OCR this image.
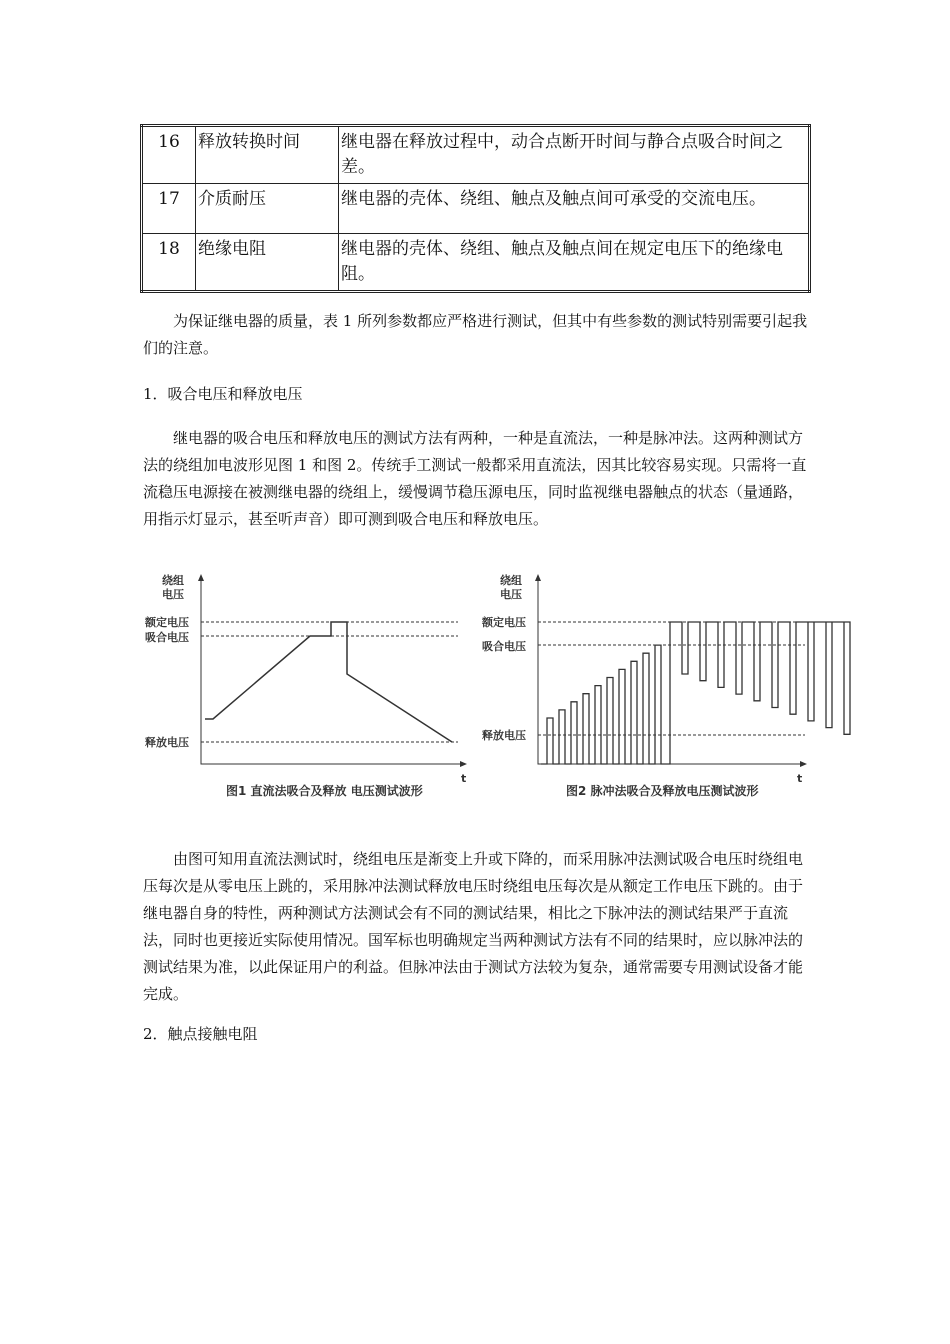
16	释放转换时间	继电器在释放过程中，动合点断开时间与静合点吸合时间之差。
17	介质耐压	继电器的壳体、绕组、触点及触点间可承受的交流电压。
18	绝缘电阻	继电器的壳体、绕组、触点及触点间在规定电压下的绝缘电阻。
为保证继电器的质量，表 1 所列参数都应严格进行测试，但其中有些参数的测试特别需要引起我们的注意。
1．吸合电压和释放电压
继电器的吸合电压和释放电压的测试方法有两种，一种是直流法，一种是脉冲法。这两种测试方法的绕组加电波形见图 1 和图 2。传统手工测试一般都采用直流法，因其比较容易实现。只需将一直流稳压电源接在被测继电器的绕组上，缓慢调节稳压源电压，同时监视继电器触点的状态（量通路，用指示灯显示，甚至听声音）即可测到吸合电压和释放电压。
绕组
电压
额定电压
吸合电压
释放电压
t
图1 直流法吸合及释放 电压测试波形
绕组
电压
额定电压
吸合电压
释放电压
t
图2 脉冲法吸合及释放电压测试波形
由图可知用直流法测试时，绕组电压是渐变上升或下降的，而采用脉冲法测试吸合电压时绕组电压每次是从零电压上跳的，采用脉冲法测试释放电压时绕组电压每次是从额定工作电压下跳的。由于继电器自身的特性，两种测试方法测试会有不同的测试结果，相比之下脉冲法的测试结果严于直流法，同时也更接近实际使用情况。国军标也明确规定当两种测试方法有不同的结果时，应以脉冲法的测试结果为准，以此保证用户的利益。但脉冲法由于测试方法较为复杂，通常需要专用测试设备才能完成。
2．触点接触电阻
